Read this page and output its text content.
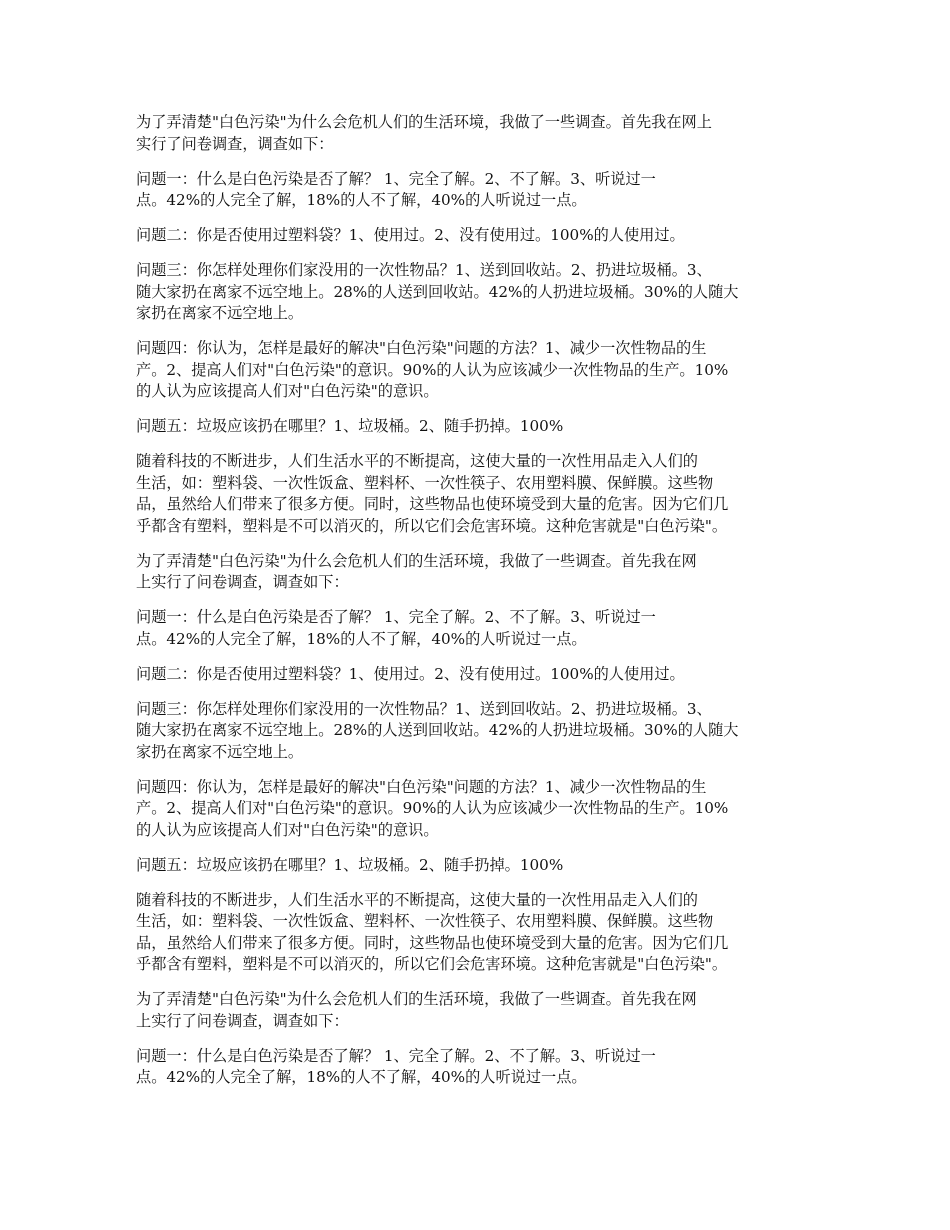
为了弄清楚"白色污染"为什么会危机人们的生活环境，我做了一些调查。首先我在网上
实行了问卷调查，调查如下：

问题一：什么是白色污染是否了解？ 1、完全了解。2、不了解。3、听说过一
点。42%的人完全了解，18%的人不了解，40%的人听说过一点。

问题二：你是否使用过塑料袋？1、使用过。2、没有使用过。100%的人使用过。

问题三：你怎样处理你们家没用的一次性物品？1、送到回收站。2、扔进垃圾桶。3、
随大家扔在离家不远空地上。28%的人送到回收站。42%的人扔进垃圾桶。30%的人随大
家扔在离家不远空地上。

问题四：你认为，怎样是最好的解决"白色污染"问题的方法？1、减少一次性物品的生
产。2、提高人们对"白色污染"的意识。90%的人认为应该减少一次性物品的生产。10%
的人认为应该提高人们对"白色污染"的意识。

问题五：垃圾应该扔在哪里？1、垃圾桶。2、随手扔掉。100%

随着科技的不断进步，人们生活水平的不断提高，这使大量的一次性用品走入人们的
生活，如：塑料袋、一次性饭盒、塑料杯、一次性筷子、农用塑料膜、保鲜膜。这些物
品，虽然给人们带来了很多方便。同时，这些物品也使环境受到大量的危害。因为它们几
乎都含有塑料，塑料是不可以消灭的，所以它们会危害环境。这种危害就是"白色污染"。

为了弄清楚"白色污染"为什么会危机人们的生活环境，我做了一些调查。首先我在网
上实行了问卷调查，调查如下：

问题一：什么是白色污染是否了解？ 1、完全了解。2、不了解。3、听说过一
点。42%的人完全了解，18%的人不了解，40%的人听说过一点。

问题二：你是否使用过塑料袋？1、使用过。2、没有使用过。100%的人使用过。

问题三：你怎样处理你们家没用的一次性物品？1、送到回收站。2、扔进垃圾桶。3、
随大家扔在离家不远空地上。28%的人送到回收站。42%的人扔进垃圾桶。30%的人随大
家扔在离家不远空地上。

问题四：你认为，怎样是最好的解决"白色污染"问题的方法？1、减少一次性物品的生
产。2、提高人们对"白色污染"的意识。90%的人认为应该减少一次性物品的生产。10%
的人认为应该提高人们对"白色污染"的意识。

问题五：垃圾应该扔在哪里？1、垃圾桶。2、随手扔掉。100%

随着科技的不断进步，人们生活水平的不断提高，这使大量的一次性用品走入人们的
生活，如：塑料袋、一次性饭盒、塑料杯、一次性筷子、农用塑料膜、保鲜膜。这些物
品，虽然给人们带来了很多方便。同时，这些物品也使环境受到大量的危害。因为它们几
乎都含有塑料，塑料是不可以消灭的，所以它们会危害环境。这种危害就是"白色污染"。

为了弄清楚"白色污染"为什么会危机人们的生活环境，我做了一些调查。首先我在网
上实行了问卷调查，调查如下：

问题一：什么是白色污染是否了解？ 1、完全了解。2、不了解。3、听说过一
点。42%的人完全了解，18%的人不了解，40%的人听说过一点。
